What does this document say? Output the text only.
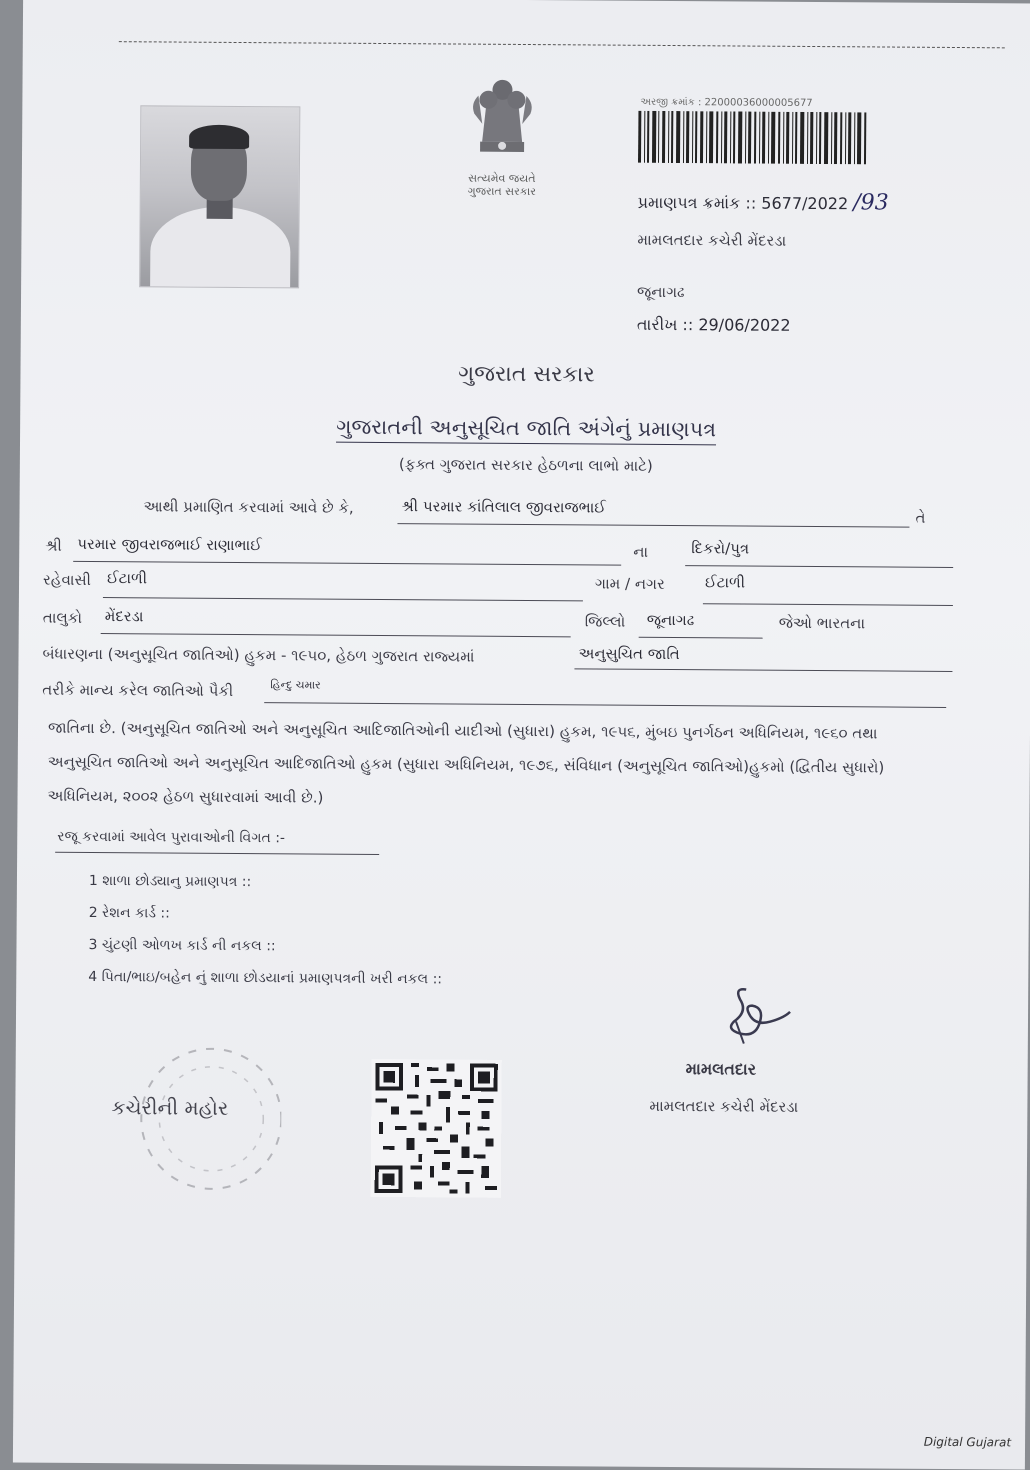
સત્યમેવ જયતે
ગુજરાત સરકાર
અરજી ક્રમાંક : 22000036000005677
પ્રમાણપત્ર ક્રમાંક :: 5677/2022 /93
મામલતદાર કચેરી મેંદરડા
જૂનાગઢ
તારીખ :: 29/06/2022
ગુજરાત સરકાર
ગુજરાતની અનુસૂચિત જાતિ અંગેનું પ્રમાણપત્ર
(ફક્ત ગુજરાત સરકાર હેઠળના લાભો માટે)
આથી પ્રમાણિત કરવામાં આવે છે કે,	શ્રી પરમાર કાંતિલાલ જીવરાજભાઈ
તે
શ્રી પરમાર જીવરાજભાઈ રાણાભાઈ	ના	દિકરો/પુત્ર
રહેવાસી ઈટાળી	ગામ / નગર	ઈટાળી
તાલુકો મેંદરડા	જિલ્લો જૂનાગઢ	જેઓ ભારતના
બંધારણના (અનુસૂચિત જાતિઓ) હુકમ - ૧૯૫૦, હેઠળ ગુજરાત રાજ્યમાં	અનુસુચિત જાતિ
તરીકે માન્ય કરેલ જાતિઓ પૈકી	હિન્દુ ચમાર
જાતિના છે. (અનુસૂચિત જાતિઓ અને અનુસૂચિત આદિજાતિઓની યાદીઓ (સુધારા) હુકમ, ૧૯૫૬, મુંબઇ પુનર્ગઠન અધિનિયમ, ૧૯૬૦ તથા
અનુસૂચિત જાતિઓ અને અનુસૂચિત આદિજાતિઓ હુકમ (સુધારા અધિનિયમ, ૧૯૭૬, સંવિધાન (અનુસૂચિત જાતિઓ)હુકમો (દ્વિતીય સુધારો)
અધિનિયમ, ૨૦૦૨ હેઠળ સુધારવામાં આવી છે.)
રજૂ કરવામાં આવેલ પુરાવાઓની વિગત :-
1 શાળા છોડ્યાનુ પ્રમાણપત્ર ::
2 રેશન કાર્ડ ::
3 ચુંટણી ઓળખ કાર્ડ ની નકલ ::
4 પિતા/ભાઇ/બહેન નું શાળા છોડયાનાં પ્રમાણપત્રની ખરી નકલ ::
મામલતદાર
મામલતદાર કચેરી મેંદરડા
કચેરીની મહોર
Digital Gujarat
